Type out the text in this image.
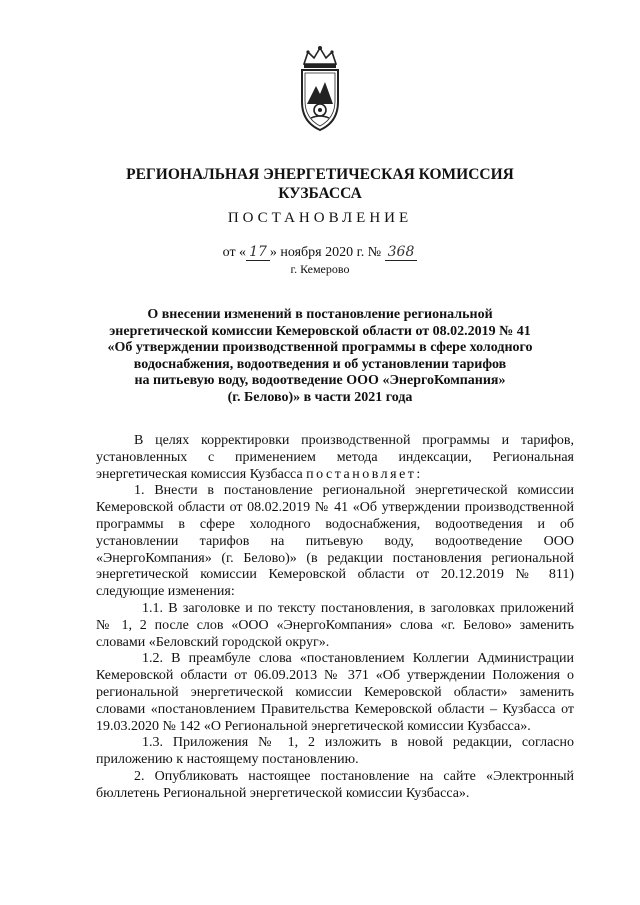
РЕГИОНАЛЬНАЯ ЭНЕРГЕТИЧЕСКАЯ КОМИССИЯ
КУЗБАССА
ПОСТАНОВЛЕНИЕ
от « 17 » ноября 2020 г. № 368
г. Кемерово
О внесении изменений в постановление региональной
энергетической комиссии Кемеровской области от 08.02.2019 № 41
«Об утверждении производственной программы в сфере холодного
водоснабжения, водоотведения и об установлении тарифов
на питьевую воду, водоотведение ООО «ЭнергоКомпания»
(г. Белово)» в части 2021 года

В целях корректировки производственной программы и тарифов, установленных с применением метода индексации, Региональная энергетическая комиссия Кузбасса постановляет:

1. Внести в постановление региональной энергетической комиссии Кемеровской области от 08.02.2019 № 41 «Об утверждении производственной программы в сфере холодного водоснабжения, водоотведения и об установлении тарифов на питьевую воду, водоотведение ООО «ЭнергоКомпания» (г. Белово)» (в редакции постановления региональной энергетической комиссии Кемеровской области от 20.12.2019 № 811) следующие изменения:

1.1. В заголовке и по тексту постановления, в заголовках приложений № 1, 2 после слов «ООО «ЭнергоКомпания» слова «г. Белово» заменить словами «Беловский городской округ».

1.2. В преамбуле слова «постановлением Коллегии Администрации Кемеровской области от 06.09.2013 № 371 «Об утверждении Положения о региональной энергетической комиссии Кемеровской области» заменить словами «постановлением Правительства Кемеровской области – Кузбасса от 19.03.2020 № 142 «О Региональной энергетической комиссии Кузбасса».

1.3. Приложения № 1, 2 изложить в новой редакции, согласно приложению к настоящему постановлению.

2. Опубликовать настоящее постановление на сайте «Электронный бюллетень Региональной энергетической комиссии Кузбасса».
